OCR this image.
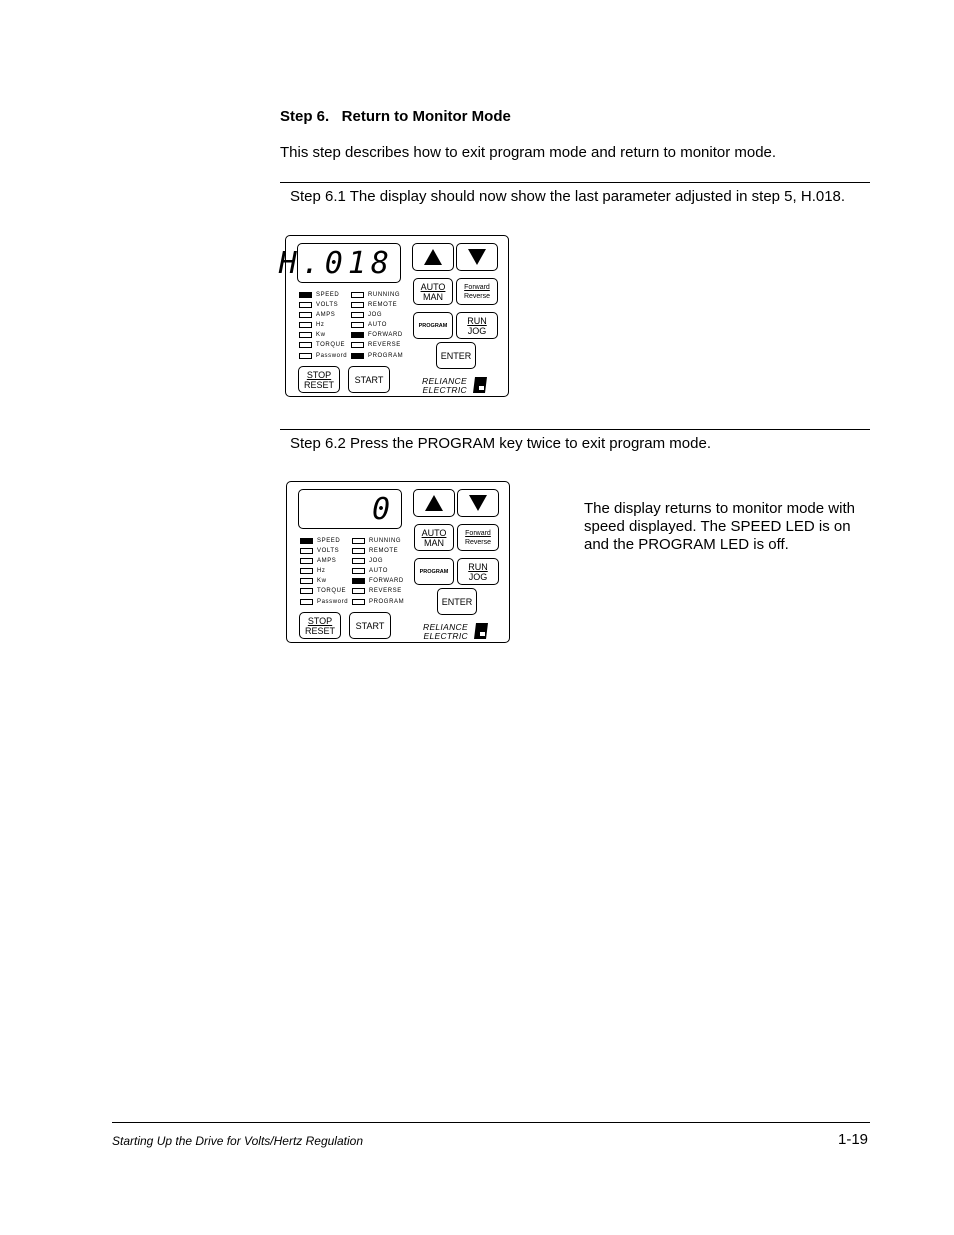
Step 6.   Return to Monitor Mode
This step describes how to exit program mode and return to monitor mode.
Step 6.1 The display should now show the last parameter adjusted in step 5, H.018.
H.018
AUTO
MAN
Forward
Reverse
PROGRAM RUN
JOG
ENTER
STOP
RESET START
SPEED
VOLTS
AMPS
Hz
Kw
TORQUE
Password
RUNNING
REMOTE
JOG
AUTO
FORWARD
REVERSE
PROGRAM
RELIANCE
ELECTRIC
Step 6.2 Press the PROGRAM key twice to exit program mode.
0
AUTO
MAN
Forward
Reverse
PROGRAM RUN
JOG
ENTER
STOP
RESET START
SPEED
VOLTS
AMPS
Hz
Kw
TORQUE
Password
RUNNING
REMOTE
JOG
AUTO
FORWARD
REVERSE
PROGRAM
RELIANCE
ELECTRIC
The display returns to monitor mode with speed displayed. The SPEED LED is on and the PROGRAM LED is off.
Starting Up the Drive for Volts/Hertz Regulation	1-19
